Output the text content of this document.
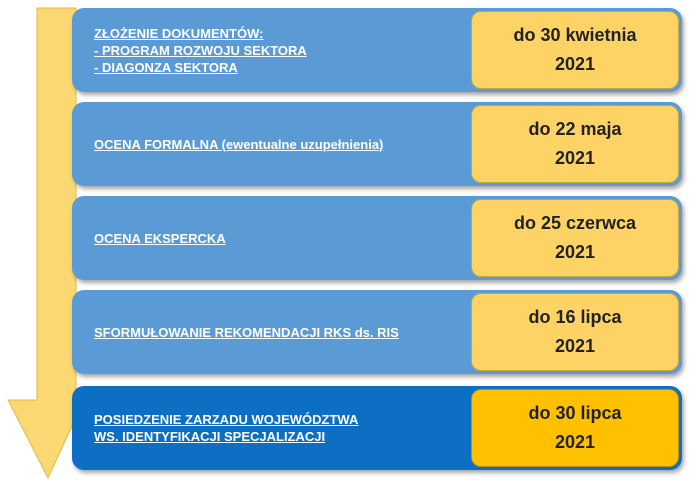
ZŁOŻENIE DOKUMENTÓW:
- PROGRAM ROZWOJU SEKTORA
- DIAGONZA SEKTORA
do 30 kwietnia
2021
OCENA FORMALNA (ewentualne uzupełnienia)
do 22 maja
2021
OCENA EKSPERCKA
do 25 czerwca
2021
SFORMUŁOWANIE REKOMENDACJI RKS ds. RIS
do 16 lipca
2021
POSIEDZENIE ZARZADU WOJEWÓDZTWA
WS. IDENTYFIKACJI SPECJALIZACJI
do 30 lipca
2021
